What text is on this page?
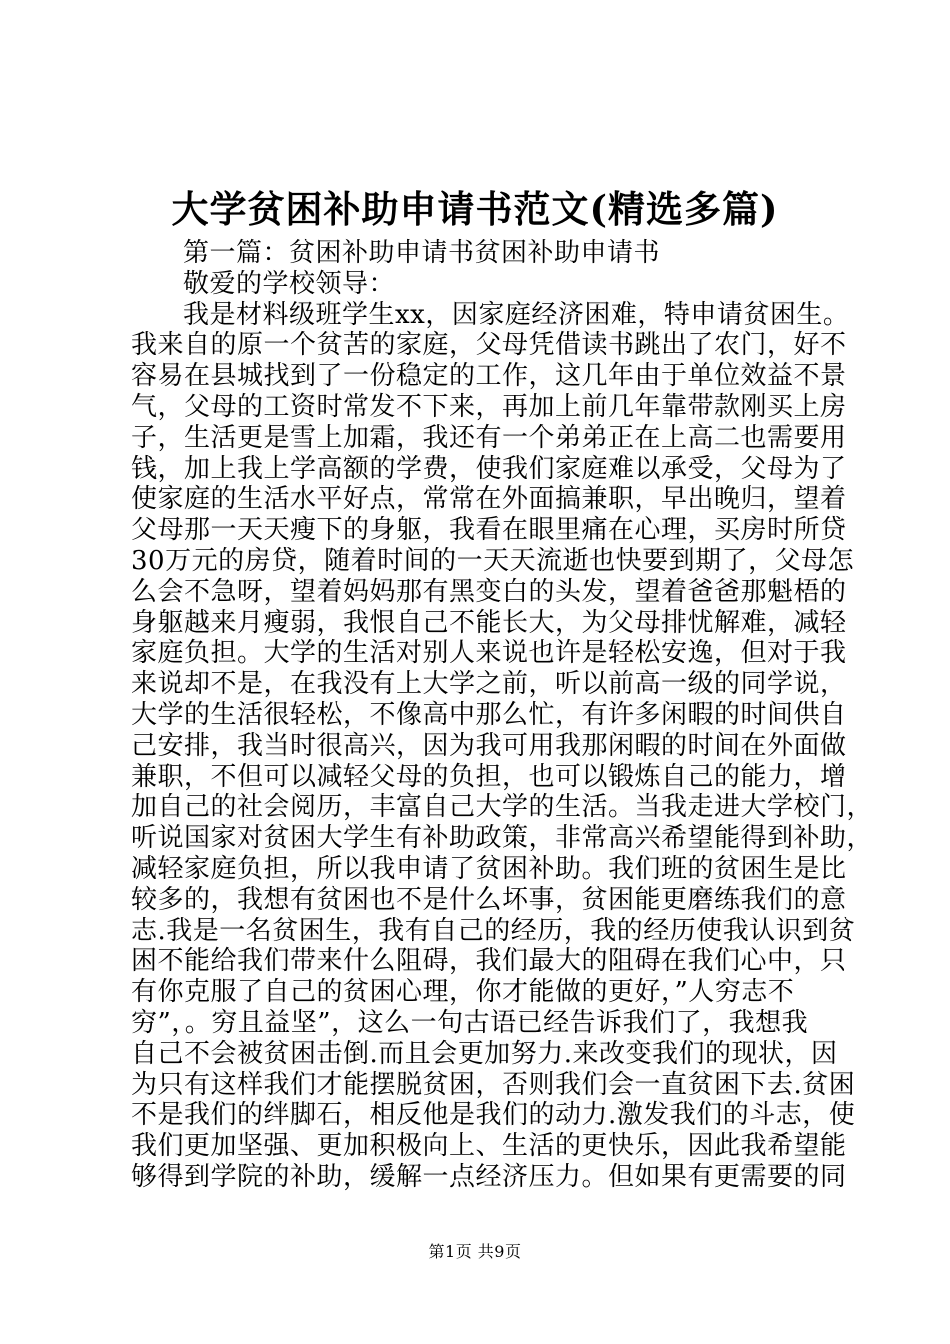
大学贫困补助申请书范文(精选多篇)
第一篇：贫困补助申请书贫困补助申请书
敬爱的学校领导：
我是材料级班学生xx，因家庭经济困难，特申请贫困生。
我来自的原一个贫苦的家庭，父母凭借读书跳出了农门，好不
容易在县城找到了一份稳定的工作，这几年由于单位效益不景
气，父母的工资时常发不下来，再加上前几年靠带款刚买上房
子，生活更是雪上加霜，我还有一个弟弟正在上高二也需要用
钱，加上我上学高额的学费，使我们家庭难以承受，父母为了
使家庭的生活水平好点，常常在外面搞兼职，早出晚归，望着
父母那一天天瘦下的身躯，我看在眼里痛在心理，买房时所贷
30万元的房贷，随着时间的一天天流逝也快要到期了，父母怎
么会不急呀，望着妈妈那有黑变白的头发，望着爸爸那魁梧的
身躯越来月瘦弱，我恨自己不能长大，为父母排忧解难，减轻
家庭负担。大学的生活对别人来说也许是轻松安逸，但对于我
来说却不是，在我没有上大学之前，听以前高一级的同学说，
大学的生活很轻松，不像高中那么忙，有许多闲暇的时间供自
己安排，我当时很高兴，因为我可用我那闲暇的时间在外面做
兼职，不但可以减轻父母的负担，也可以锻炼自己的能力，增
加自己的社会阅历，丰富自己大学的生活。当我走进大学校门，
听说国家对贫困大学生有补助政策，非常高兴希望能得到补助，
减轻家庭负担，所以我申请了贫困补助。我们班的贫困生是比
较多的，我想有贫困也不是什么坏事，贫困能更磨练我们的意
志.我是一名贫困生，我有自己的经历，我的经历使我认识到贫
困不能给我们带来什么阻碍，我们最大的阻碍在我们心中，只
有你克服了自己的贫困心理，你才能做的更好，”人穷志不
穷”，。穷且益坚”，这么一句古语已经告诉我们了，我想我
自己不会被贫困击倒.而且会更加努力.来改变我们的现状，因
为只有这样我们才能摆脱贫困，否则我们会一直贫困下去.贫困
不是我们的绊脚石，相反他是我们的动力.激发我们的斗志，使
我们更加坚强、更加积极向上、生活的更快乐，因此我希望能
够得到学院的补助，缓解一点经济压力。但如果有更需要的同
第1页 共9页
